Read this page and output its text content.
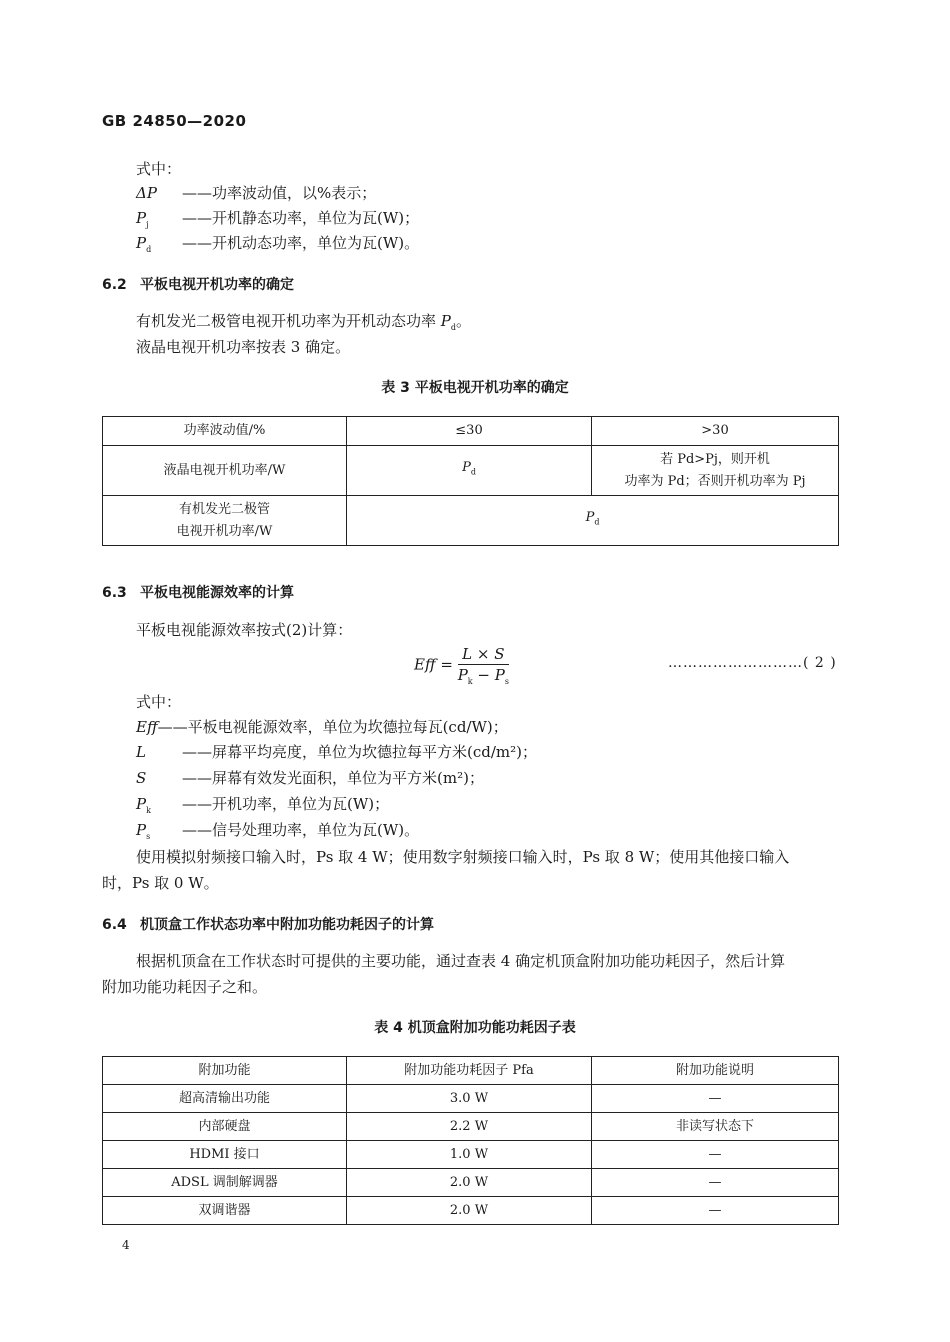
GB 24850—2020
式中：
ΔP ——功率波动值，以%表示；
$P_j$ ——开机静态功率，单位为瓦(W)；
$P_d$ ——开机动态功率，单位为瓦(W)。
6.2 平板电视开机功率的确定
有机发光二极管电视开机功率为开机动态功率 $P_d$。
液晶电视开机功率按表 3 确定。
表 3 平板电视开机功率的确定
功率波动值/%	≤30	>30
液晶电视开机功率/W	$P_d$	若 Pd>Pj，则开机
功率为 Pd；否则开机功率为 Pj

有机发光二极管
电视开机功率/W	$P_d$
6.3 平板电视能源效率的计算
平板电视能源效率按式(2)计算：
Eff = $\frac{L \times S}{P_k - P_s}$	………………………( 2 )
式中：
Eff——平板电视能源效率，单位为坎德拉每瓦(cd/W)；
L ——屏幕平均亮度，单位为坎德拉每平方米(cd/m²)；
S ——屏幕有效发光面积，单位为平方米(m²)；
$P_k$ ——开机功率，单位为瓦(W)；
$P_s$ ——信号处理功率，单位为瓦(W)。
使用模拟射频接口输入时，Ps 取 4 W；使用数字射频接口输入时，Ps 取 8 W；使用其他接口输入
时，Ps 取 0 W。
6.4 机顶盒工作状态功率中附加功能功耗因子的计算
根据机顶盒在工作状态时可提供的主要功能，通过查表 4 确定机顶盒附加功能功耗因子，然后计算
附加功能功耗因子之和。
表 4 机顶盒附加功能功耗因子表
附加功能	附加功能功耗因子 Pfa	附加功能说明
超高清输出功能	3.0 W	—
内部硬盘	2.2 W	非读写状态下
HDMI 接口	1.0 W	—
ADSL 调制解调器	2.0 W	—
双调谐器	2.0 W	—
4
